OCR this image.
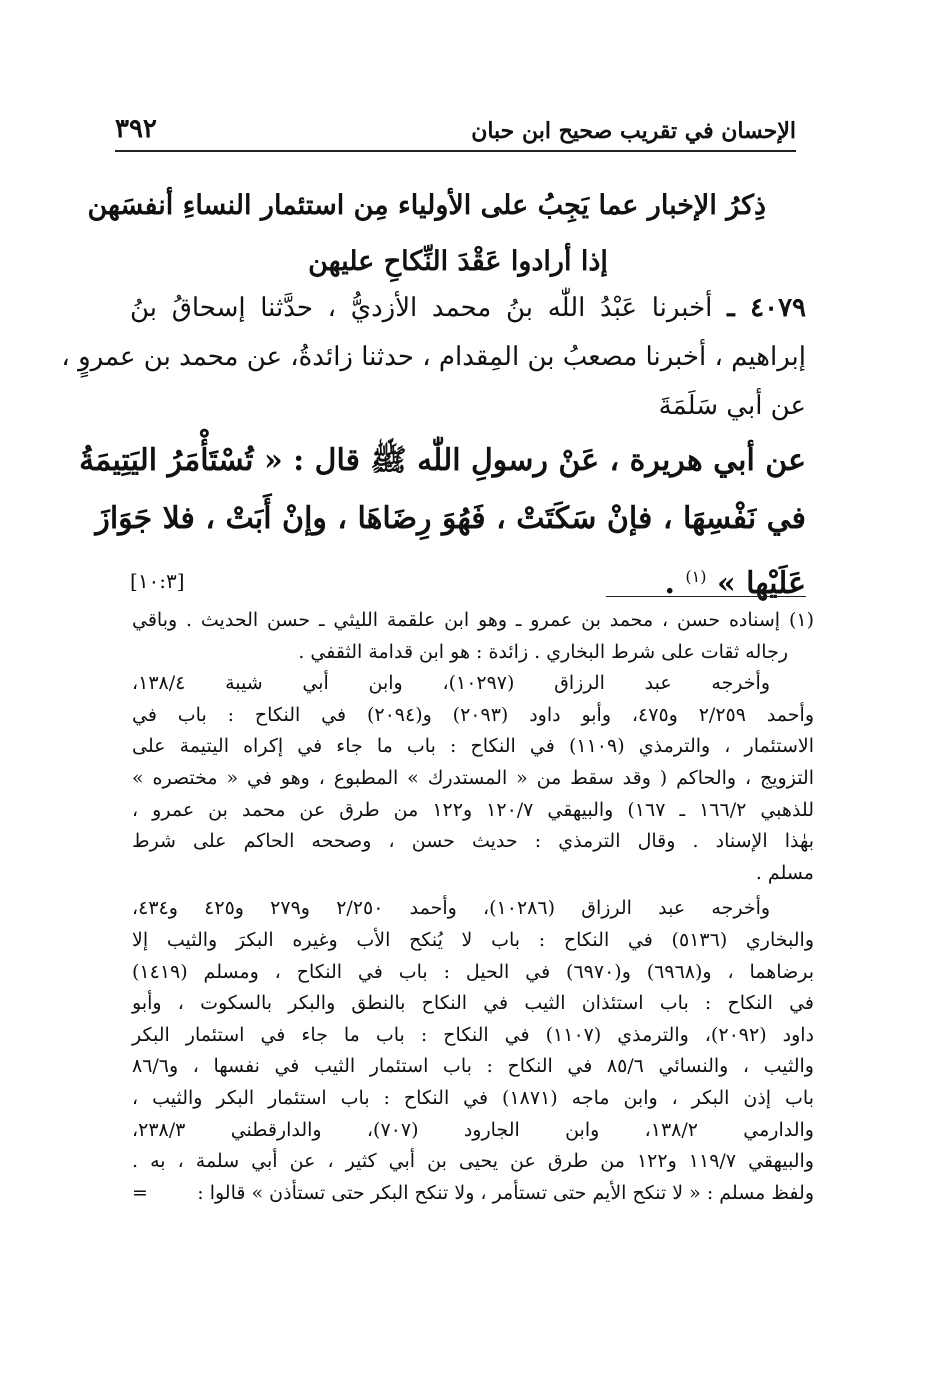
الإحسان في تقريب صحيح ابن حبان
٣٩٢
ذِكرُ الإخبار عما يَجِبُ على الأولياء مِن استئمار النساءِ أنفسَهن
إذا أرادوا عَقْدَ النِّكاحِ عليهن
٤٠٧٩ ـ أخبرنا عَبْدُ اللّٰه بنُ محمد الأزديُّ ، حدَّثنا إسحاقُ بنُ
إبراهيم ، أخبرنا مصعبُ بن المِقدام ، حدثنا زائدةُ، عن محمد بن عمروٍ ،
عن أبي سَلَمَةَ
عن أبي هريرة ، عَنْ رسولِ اللّٰه ﷺ قال : « تُسْتَأْمَرُ اليَتِيمَةُ
في نَفْسِهَا ، فإنْ سَكَتَتْ ، فَهُوَ رِضَاهَا ، وإنْ أَبَتْ ، فلا جَوَازَ
عَلَيْها » $^{(١)}$ .
[١٠:٣]
(١) إسناده حسن ، محمد بن عمرو ـ وهو ابن علقمة الليثي ـ حسن الحديث . وباقي
رجاله ثقات على شرط البخاري . زائدة : هو ابن قدامة الثقفي .
وأخرجه عبد الرزاق (١٠٢٩٧)، وابن أبي شيبة ١٣٨/٤،
وأحمد ٢/٢٥٩ و٤٧٥، وأبو داود (٢٠٩٣) و(٢٠٩٤) في النكاح : باب في
الاستئمار ، والترمذي (١١٠٩) في النكاح : باب ما جاء في إكراه اليتيمة على
التزويج ، والحاكم ( وقد سقط من « المستدرك » المطبوع ، وهو في « مختصره »
للذهبي ١٦٦/٢ ـ ١٦٧) والبيهقي ١٢٠/٧ و١٢٢ من طرق عن محمد بن عمرو ،
بهٰذا الإسناد . وقال الترمذي : حديث حسن ، وصححه الحاكم على شرط
مسلم .
وأخرجه عبد الرزاق (١٠٢٨٦)، وأحمد ٢/٢٥٠ و٢٧٩ و٤٢٥ و٤٣٤،
والبخاري (٥١٣٦) في النكاح : باب لا يُنكح الأب وغيره البكرَ والثيب إلا
برضاهما ، و(٦٩٦٨) و(٦٩٧٠) في الحيل : باب في النكاح ، ومسلم (١٤١٩)
في النكاح : باب استئذان الثيب في النكاح بالنطق والبكر بالسكوت ، وأبو
داود (٢٠٩٢)، والترمذي (١١٠٧) في النكاح : باب ما جاء في استئمار البكر
والثيب ، والنسائي ٨٥/٦ في النكاح : باب استئمار الثيب في نفسها ، و٨٦/٦
باب إذن البكر ، وابن ماجه (١٨٧١) في النكاح : باب استئمار البكر والثيب ،
والدارمي ١٣٨/٢، وابن الجارود (٧٠٧)، والدارقطني ٢٣٨/٣،
والبيهقي ١١٩/٧ و١٢٢ من طرق عن يحيى بن أبي كثير ، عن أبي سلمة ، به .
ولفظ مسلم : « لا تنكح الأيم حتى تستأمر ، ولا تنكح البكر حتى تستأذن » قالوا :
=
